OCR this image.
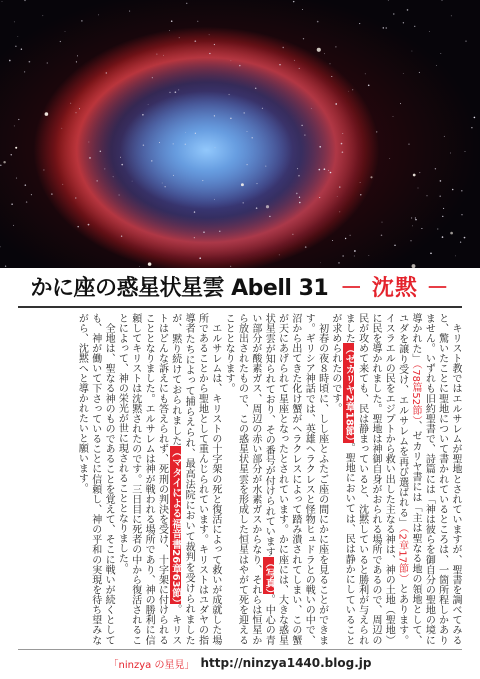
かに座の惑星状星雲 Abell 31 － 沈黙 －

キリスト教ではエルサレムが聖地とされていますが、聖書を調べてみると、驚いたことに聖地について書かれているところは、一箇所程しかありません。いずれも旧約聖書で、詩篇には「神は彼らを御自分の聖地の境に導かれた」（78篇52節）、ゼカリヤ書には「主は聖なる地の領地として、ユダを譲り受け、エルサレムを再び選ばれる」（2章17節）とあります。イスラエルの民をエジプトから救い出した主なる神は、神の土地（聖地）に民を導かれました。聖地は神御自身がおられる場所であるので、周辺の民が攻めて来ても、民は静まっていると、沈黙していると勝利が与えられました（ゼカリヤ2章18節）。聖地においては、民は静かにしていることが求められたのです。

初春の夜８時頃に、しし座とふたご座の間にかに座を見ることができます。ギリシア神話では、英雄ヘラクレスと怪物ヒュドラとの戦いの中で、沼から出てきた化け蟹がヘラクレスによって踏み潰されてしまい、この蟹が天にあげられて星座となったとされています。かに座には、大きな惑星状星雲が知られており、その番号が付けられています（写真）。中心の青い部分が酸素ガス、周辺の赤い部分が水素ガスからなり、それらは恒星から放出されたもので、この惑星状星雲を形成した恒星はやがて死を迎えることとなります。

エルサレムは、キリストの十字架の死と復活によって救いが成就した場所であることから聖地として重んじられています。キリストはユダヤの指導者たちによって捕らえられ、最高法院において裁判を受けられましたが、黙り続けておられました（マタイによる福音書26章63節）。キリストはどんな訴えにも答えられず、死刑の判決を受け、十字架に付けられることとなりました。エルサレムは神が戦われる場所であり、神の勝利に信頼してキリストは沈黙されたのです。三日目に死者の中から復活されることによって、神の栄光が世に現されることとなりました。

全地は、聖なる神のものであることを覚えて、そこに戦いが続くとしても、神が働いて下さっていることに信頼し、神の平和の実現を待ち望みながら、沈黙へと導かれたいと願います。

「ninzya の星見」 http://ninzya1440.blog.jp
